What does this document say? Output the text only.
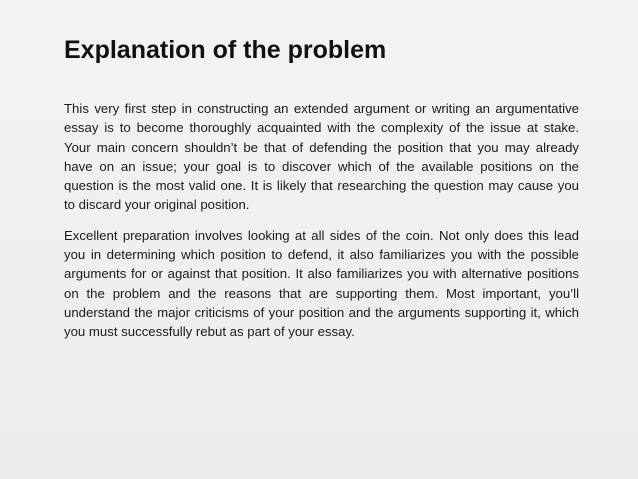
Explanation of the problem

This very first step in constructing an extended argument or writing an argumentative essay is to become thoroughly acquainted with the complexity of the issue at stake. Your main concern shouldn’t be that of defending the position that you may already have on an issue; your goal is to discover which of the available positions on the question is the most valid one. It is likely that researching the question may cause you to discard your original position.

Excellent preparation involves looking at all sides of the coin. Not only does this lead you in determining which position to defend, it also familiarizes you with the possible arguments for or against that position. It also familiarizes you with alternative positions on the problem and the reasons that are supporting them. Most important, you’ll understand the major criticisms of your position and the arguments supporting it, which you must successfully rebut as part of your essay.
